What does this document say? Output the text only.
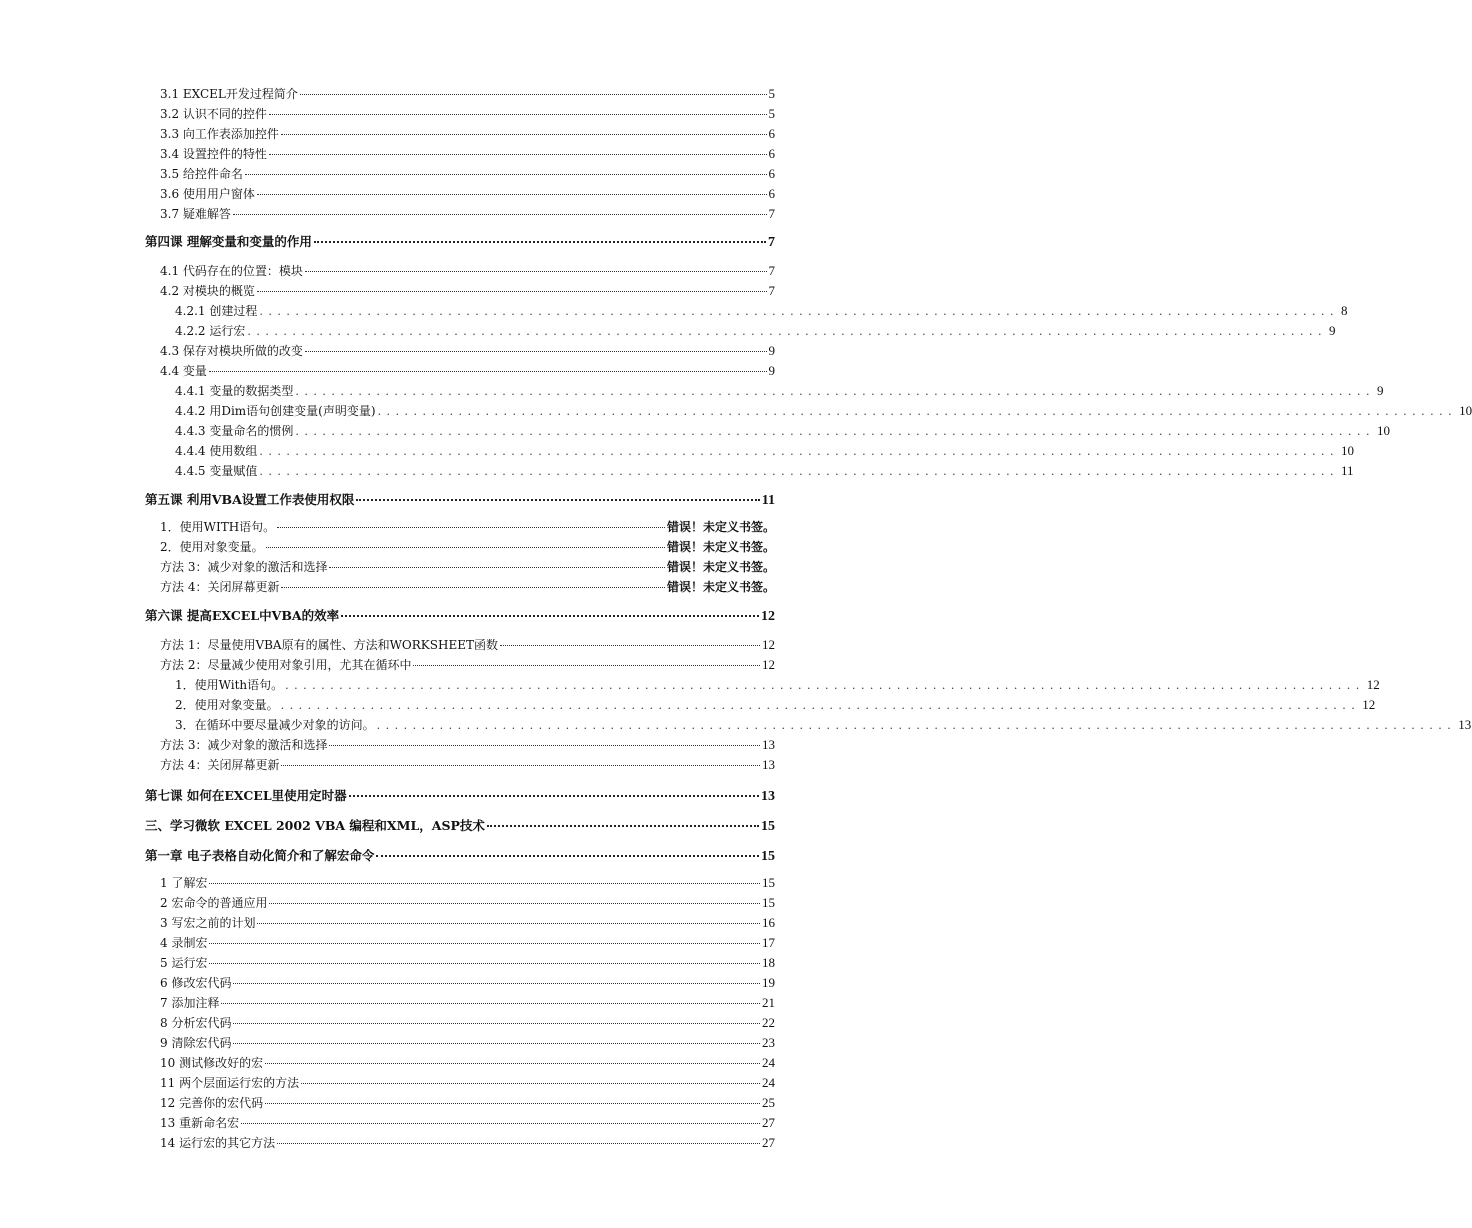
3.1 EXCEL开发过程简介	5
3.2 认识不同的控件	5
3.3 向工作表添加控件	6
3.4 设置控件的特性	6
3.5 给控件命名	6
3.6 使用用户窗体	6
3.7 疑难解答	7
第四课 理解变量和变量的作用	7
4.1 代码存在的位置：模块	7
4.2 对模块的概览	7
4.2.1 创建过程 ........................................................................................................................ 8
4.2.2 运行宏 ........................................................................................................................ 9
4.3 保存对模块所做的改变	9
4.4 变量	9
4.4.1 变量的数据类型 ........................................................................................................................ 9
4.4.2 用Dim语句创建变量(声明变量) ........................................................................................................................ 10
4.4.3 变量命名的惯例 ........................................................................................................................ 10
4.4.4 使用数组 ........................................................................................................................ 10
4.4.5 变量赋值 ........................................................................................................................ 11
第五课 利用VBA设置工作表使用权限	11
1．使用WITH语句。	错误！未定义书签。
2．使用对象变量。	错误！未定义书签。
方法 3：减少对象的激活和选择	错误！未定义书签。
方法 4：关闭屏幕更新	错误！未定义书签。
第六课 提高EXCEL中VBA的效率	12
方法 1：尽量使用VBA原有的属性、方法和WORKSHEET函数	12
方法 2：尽量减少使用对象引用，尤其在循环中	12
1．使用With语句。 ........................................................................................................................ 12
2．使用对象变量。 ........................................................................................................................ 12
3．在循环中要尽量减少对象的访问。 ........................................................................................................................ 13
方法 3：减少对象的激活和选择	13
方法 4：关闭屏幕更新	13
第七课 如何在EXCEL里使用定时器	13
三、学习微软 EXCEL 2002 VBA 编程和XML，ASP技术	15
第一章 电子表格自动化简介和了解宏命令	15
1 了解宏	15
2 宏命令的普通应用	15
3 写宏之前的计划	16
4 录制宏	17
5 运行宏	18
6 修改宏代码	19
7 添加注释	21
8 分析宏代码	22
9 清除宏代码	23
10 测试修改好的宏	24
11 两个层面运行宏的方法	24
12 完善你的宏代码	25
13 重新命名宏	27
14 运行宏的其它方法	27
